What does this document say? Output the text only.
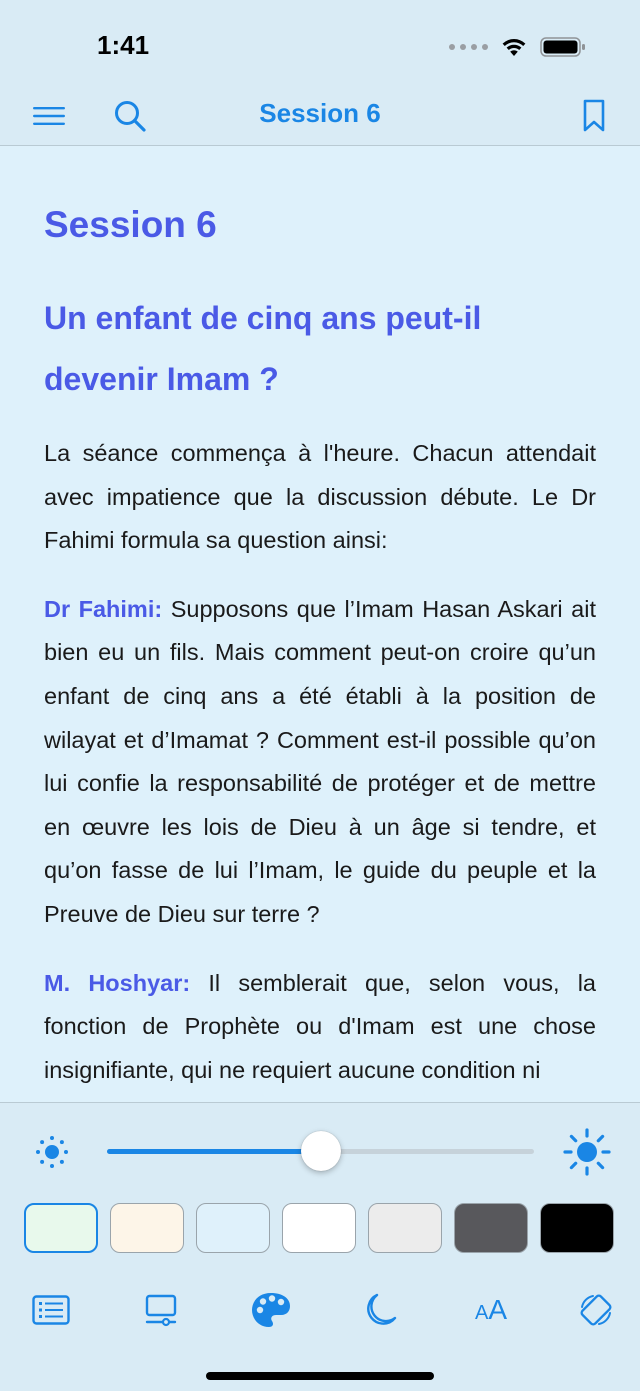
1:41
Session 6
Session 6
Un enfant de cinq ans peut-il devenir Imam ?

La séance commença à l'heure. Chacun attendait avec impatience que la discussion débute. Le Dr Fahimi formula sa question ainsi:

Dr Fahimi: Supposons que l’Imam Hasan Askari ait bien eu un fils. Mais comment peut-on croire qu’un enfant de cinq ans a été établi à la position de wilayat et d’Imamat ? Comment est-il possible qu’on lui confie la responsabilité de protéger et de mettre en œuvre les lois de Dieu à un âge si tendre, et qu’on fasse de lui l’Imam, le guide du peuple et la Preuve de Dieu sur terre ?

M. Hoshyar: Il semblerait que, selon vous, la fonction de Prophète ou d'Imam est une chose insignifiante, qui ne requiert aucune condition ni

A A
